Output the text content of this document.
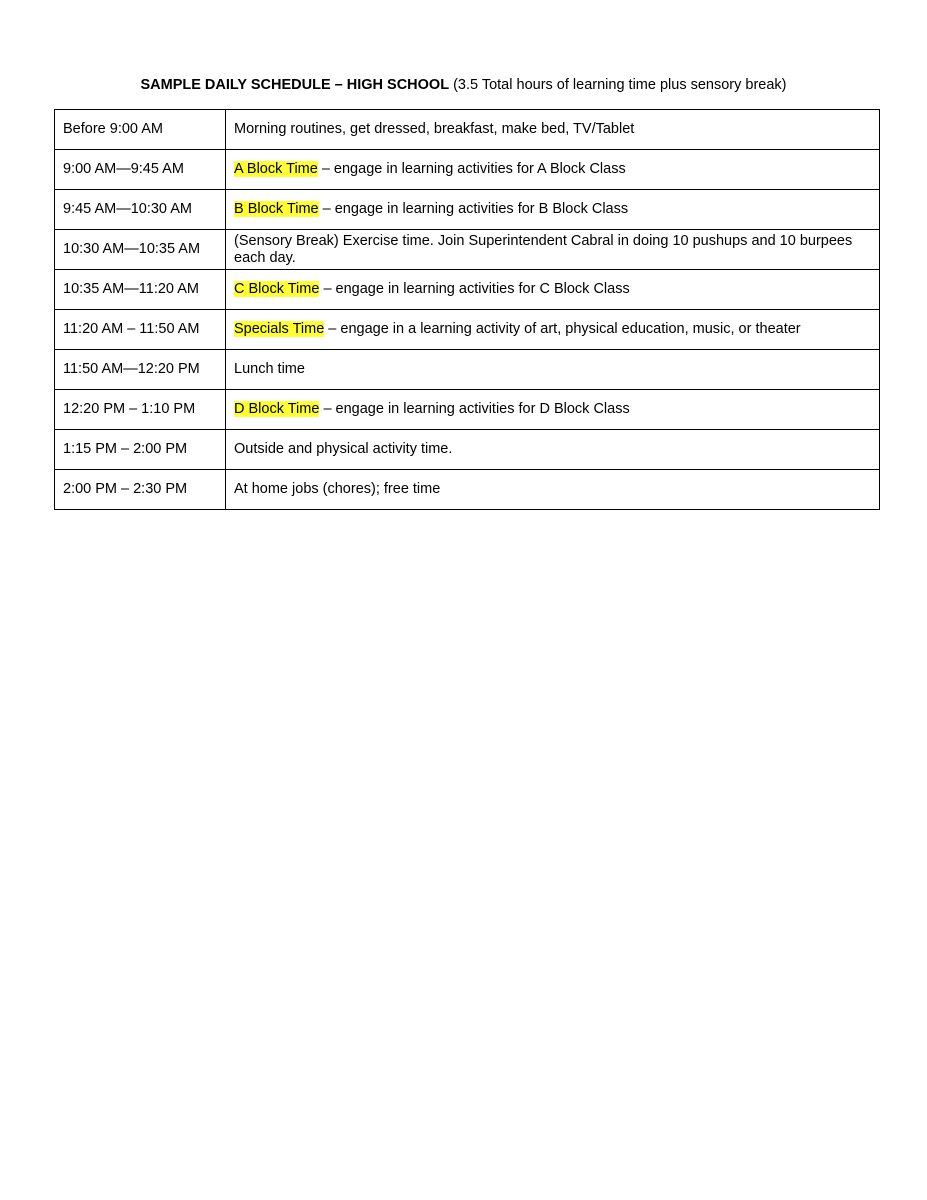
SAMPLE DAILY SCHEDULE – HIGH SCHOOL (3.5 Total hours of learning time plus sensory break)
Before 9:00 AM	Morning routines, get dressed, breakfast, make bed, TV/Tablet
9:00 AM—9:45 AM	A Block Time – engage in learning activities for A Block Class
9:45 AM—10:30 AM	B Block Time – engage in learning activities for B Block Class
10:30 AM—10:35 AM	(Sensory Break) Exercise time. Join Superintendent Cabral in doing 10 pushups and 10 burpees each day.
10:35 AM—11:20 AM	C Block Time – engage in learning activities for C Block Class
11:20 AM – 11:50 AM	Specials Time – engage in a learning activity of art, physical education, music, or theater
11:50 AM—12:20 PM	Lunch time
12:20 PM – 1:10 PM	D Block Time – engage in learning activities for D Block Class
1:15 PM – 2:00 PM	Outside and physical activity time.
2:00 PM – 2:30 PM	At home jobs (chores); free time
